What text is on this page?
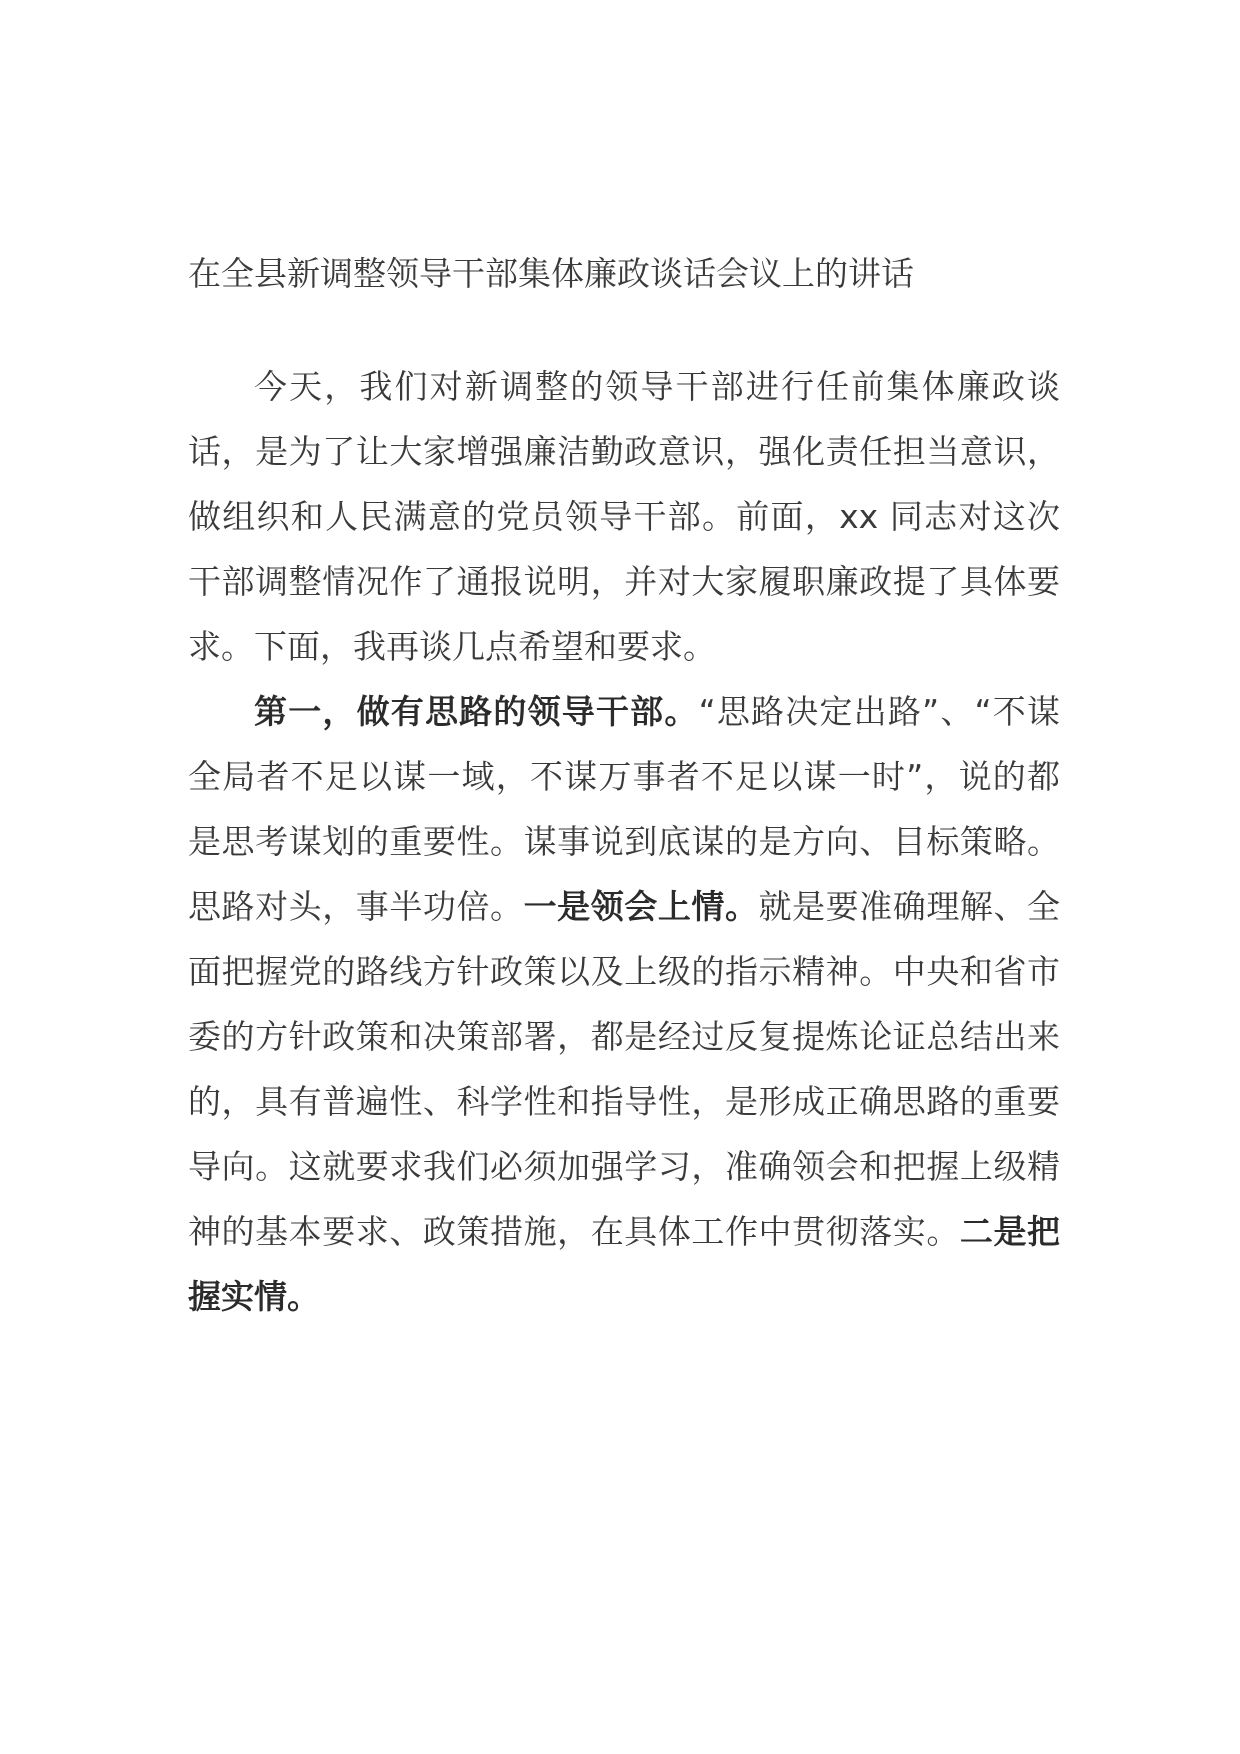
在全县新调整领导干部集体廉政谈话会议上的讲话

今天，我们对新调整的领导干部进行任前集体廉政谈话，是为了让大家增强廉洁勤政意识，强化责任担当意识，做组织和人民满意的党员领导干部。前面，xx 同志对这次干部调整情况作了通报说明，并对大家履职廉政提了具体要求。下面，我再谈几点希望和要求。

第一，做有思路的领导干部。“思路决定出路”、“不谋全局者不足以谋一域，不谋万事者不足以谋一时”，说的都是思考谋划的重要性。谋事说到底谋的是方向、目标策略。思路对头，事半功倍。一是领会上情。就是要准确理解、全面把握党的路线方针政策以及上级的指示精神。中央和省市委的方针政策和决策部署，都是经过反复提炼论证总结出来的，具有普遍性、科学性和指导性，是形成正确思路的重要导向。这就要求我们必须加强学习，准确领会和把握上级精神的基本要求、政策措施，在具体工作中贯彻落实。二是把握实情。
